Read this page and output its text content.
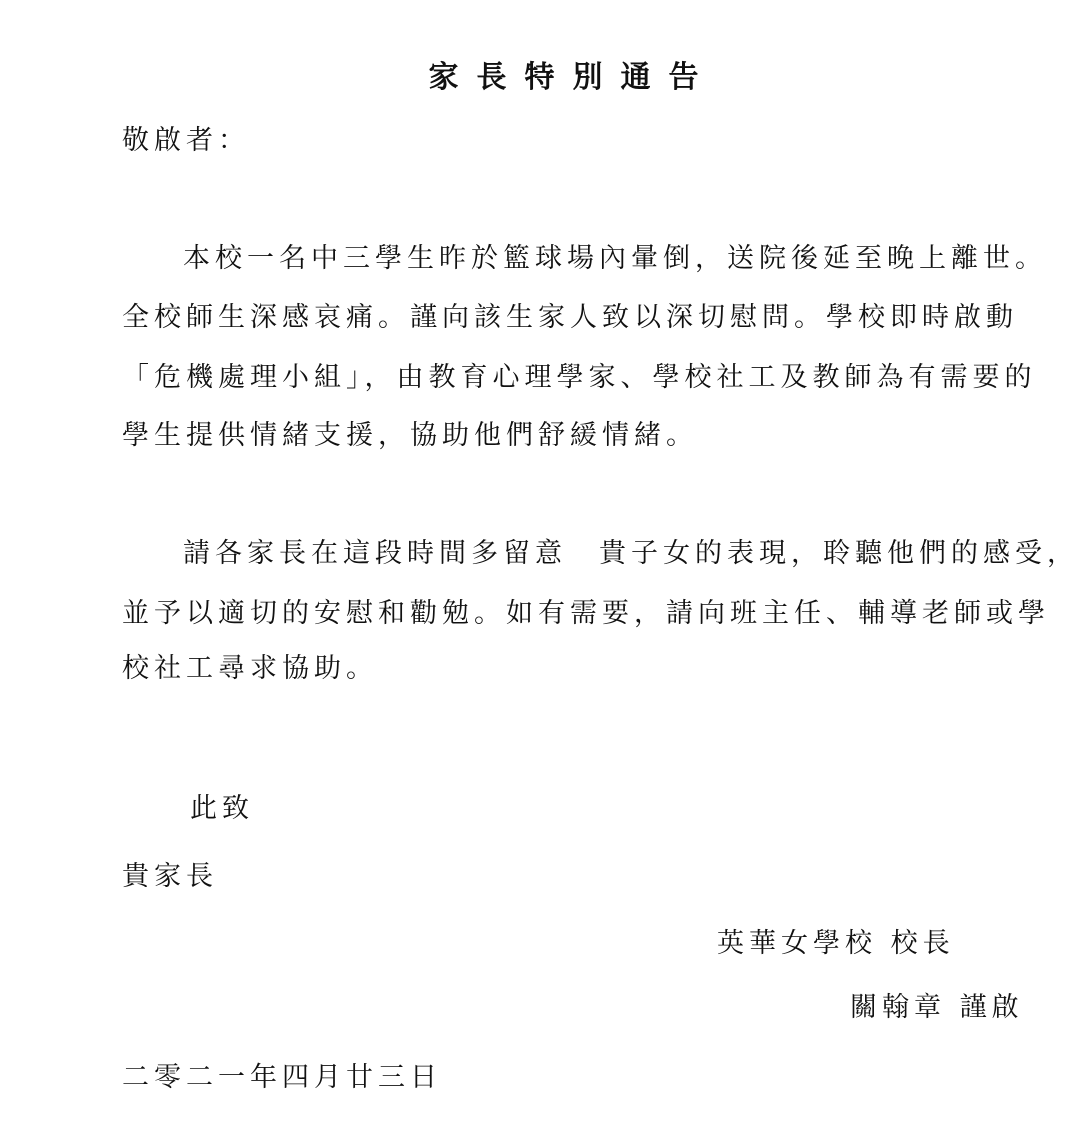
家長特別通告
敬啟者：
本校一名中三學生昨於籃球場內暈倒，送院後延至晚上離世。
全校師生深感哀痛。謹向該生家人致以深切慰問。學校即時啟動
「危機處理小組」，由教育心理學家、學校社工及教師為有需要的
學生提供情緒支援，協助他們舒緩情緒。
請各家長在這段時間多留意　貴子女的表現，聆聽他們的感受，
並予以適切的安慰和勸勉。如有需要，請向班主任、輔導老師或學
校社工尋求協助。
此致
貴家長
英華女學校 校長
關翰章 謹啟
二零二一年四月廿三日
